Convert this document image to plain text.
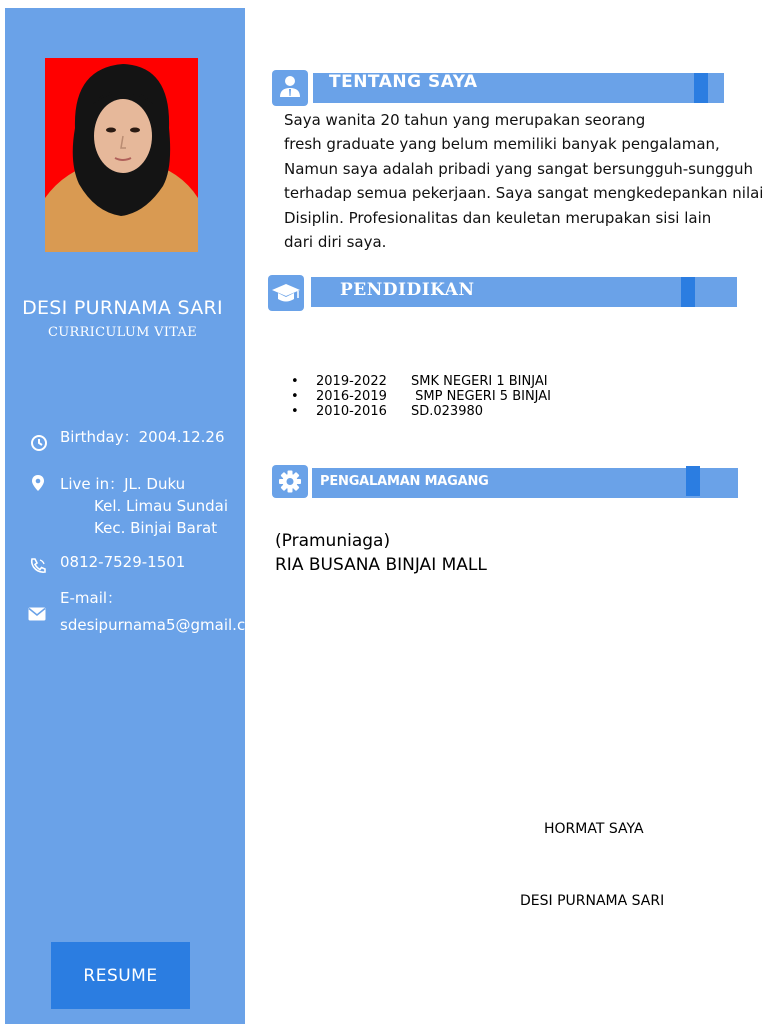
DESI PURNAMA SARI
CURRICULUM VITAE
Birthday：2004.12.26
Live in：JL. Duku
Kel. Limau Sundai
Kec. Binjai Barat
0812-7529-1501
E-mail：
sdesipurnama5@gmail.com
RESUME
TENTANG SAYA
Saya wanita 20 tahun yang merupakan seorang
fresh graduate yang belum memiliki banyak pengalaman,
Namun saya adalah pribadi yang sangat bersungguh-sungguh
terhadap semua pekerjaan. Saya sangat mengkedepankan nilai
Disiplin. Profesionalitas dan keuletan merupakan sisi lain
dari diri saya.
PENDIDIKAN
•	2019-2022	SMK NEGERI 1 BINJAI
•	2016-2019	SMP NEGERI 5 BINJAI
•	2010-2016	SD.023980
PENGALAMAN MAGANG
(Pramuniaga)
RIA BUSANA BINJAI MALL
HORMAT SAYA
DESI PURNAMA SARI
